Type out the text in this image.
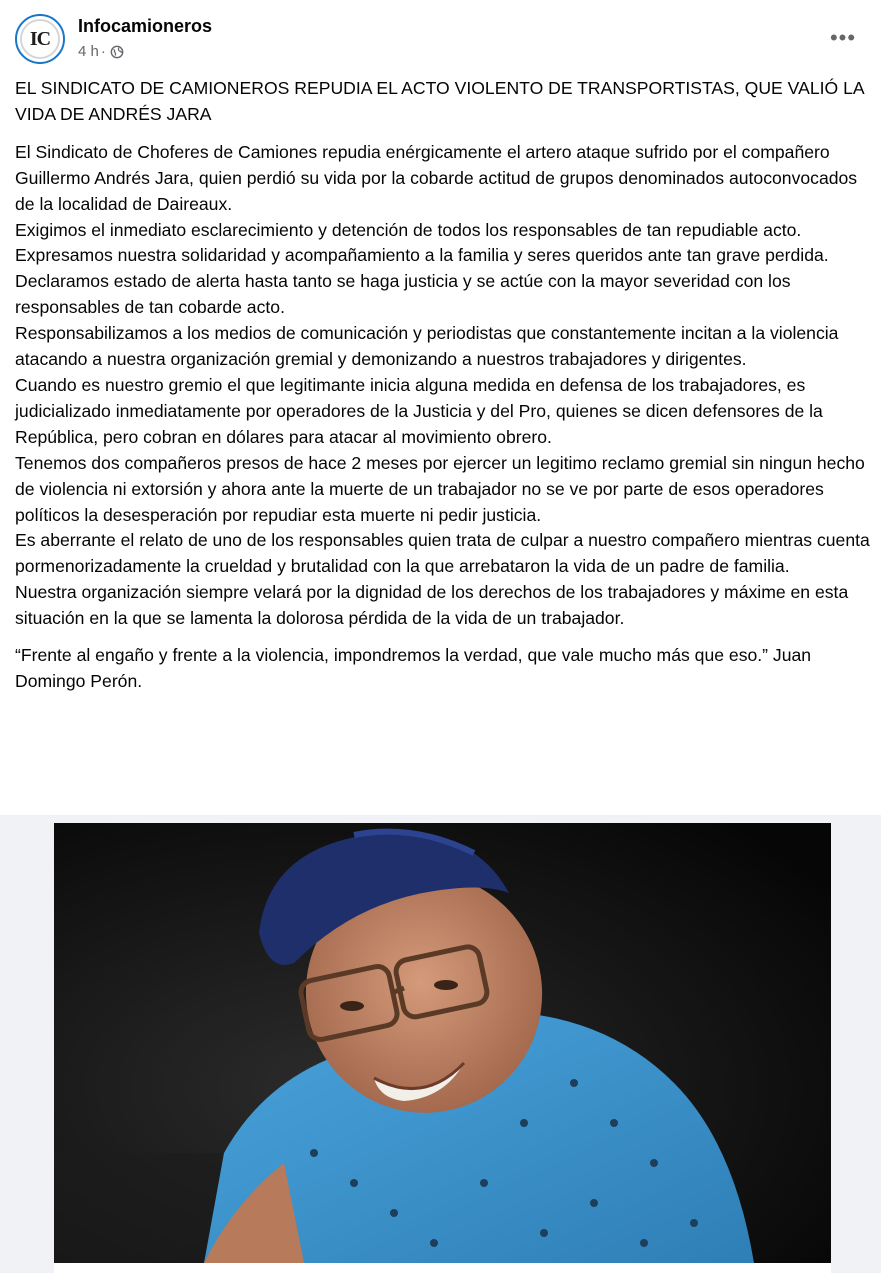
IC
Infocamioneros
4 h ·
•••

EL SINDICATO DE CAMIONEROS REPUDIA EL ACTO VIOLENTO DE TRANSPORTISTAS, QUE VALIÓ LA VIDA DE ANDRÉS JARA

El Sindicato de Choferes de Camiones repudia enérgicamente el artero ataque sufrido por el compañero Guillermo Andrés Jara, quien perdió su vida por la cobarde actitud de grupos denominados autoconvocados de la localidad de Daireaux.
Exigimos el inmediato esclarecimiento y detención de todos los responsables de tan repudiable acto.
Expresamos nuestra solidaridad y acompañamiento a la familia y seres queridos ante tan grave perdida.
Declaramos estado de alerta hasta tanto se haga justicia y se actúe con la mayor severidad con los responsables de tan cobarde acto.
Responsabilizamos a los medios de comunicación y periodistas que constantemente incitan a la violencia atacando a nuestra organización gremial y demonizando a nuestros trabajadores y dirigentes.
Cuando es nuestro gremio el que legitimante inicia alguna medida en defensa de los trabajadores, es judicializado inmediatamente por operadores de la Justicia y del Pro, quienes se dicen defensores de la República, pero cobran en dólares para atacar al movimiento obrero.
Tenemos dos compañeros presos de hace 2 meses por ejercer un legitimo reclamo gremial sin ningun hecho de violencia ni extorsión y ahora ante la muerte de un trabajador no se ve por parte de esos operadores políticos la desesperación por repudiar esta muerte ni pedir justicia.
Es aberrante el relato de uno de los responsables quien trata de culpar a nuestro compañero mientras cuenta pormenorizadamente la crueldad y brutalidad con la que arrebataron la vida de un padre de familia.
Nuestra organización siempre velará por la dignidad de los derechos de los trabajadores y máxime en esta situación en la que se lamenta la dolorosa pérdida de la vida de un trabajador.

“Frente al engaño y frente a la violencia, impondremos la verdad, que vale mucho más que eso.” Juan Domingo Perón.
